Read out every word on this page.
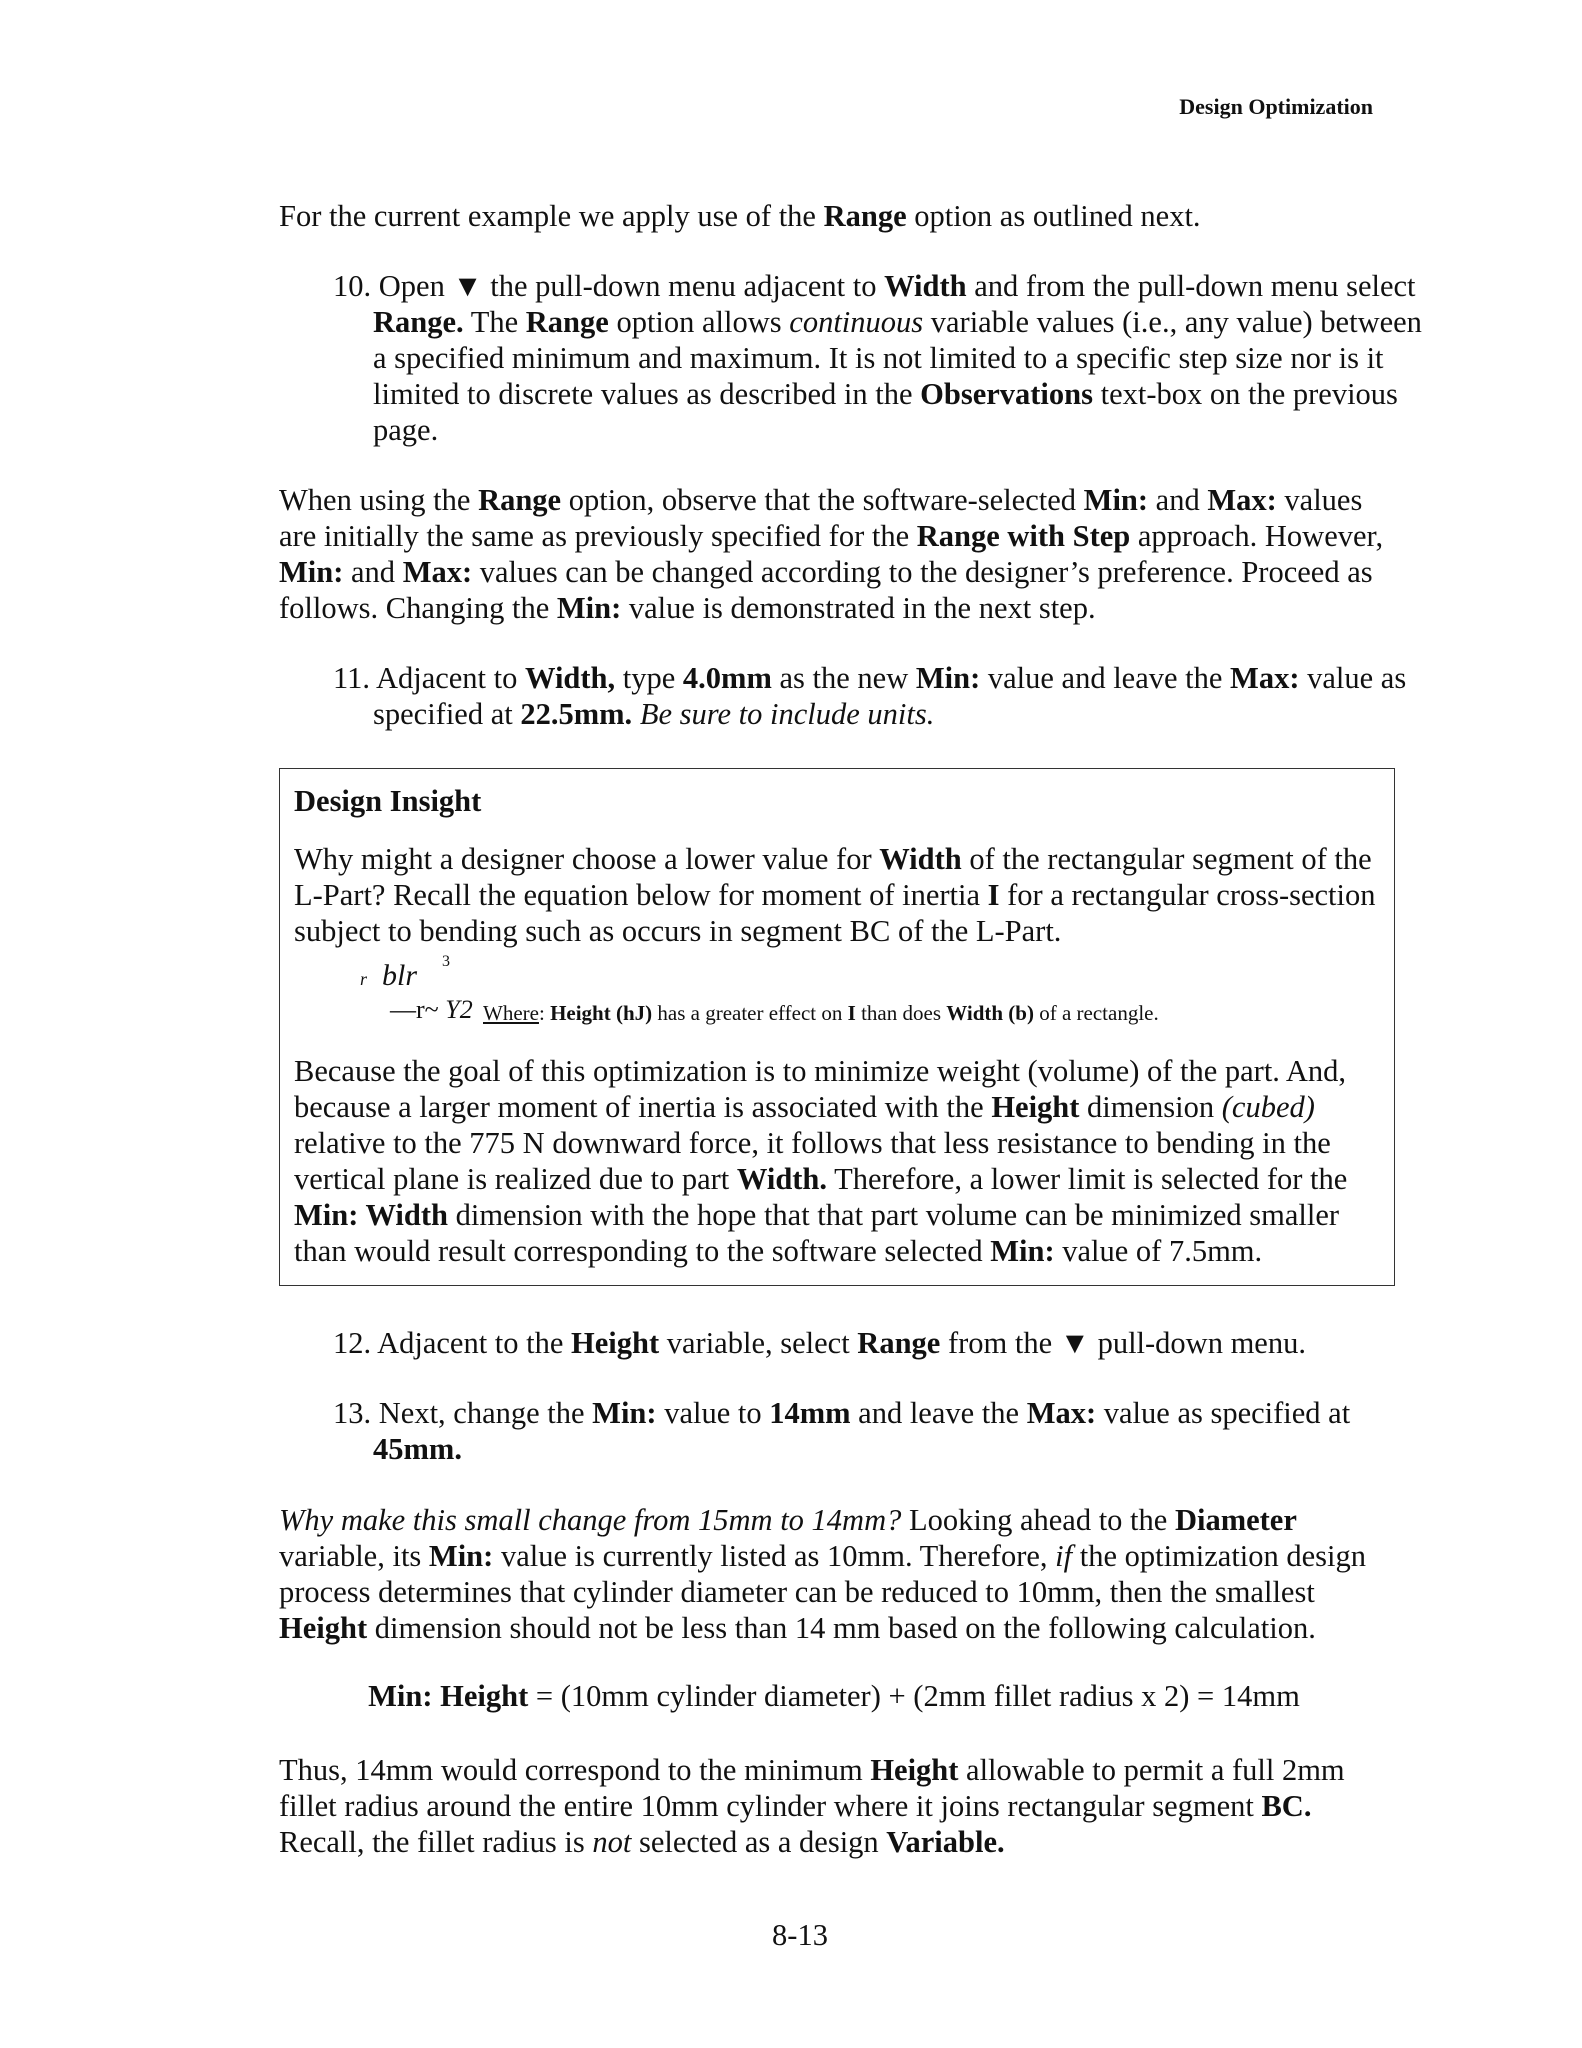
Design Optimization

For the current example we apply use of the Range option as outlined next.

10. Open ▼ the pull-down menu adjacent to Width and from the pull-down menu select Range. The Range option allows continuous variable values (i.e., any value) between a specified minimum and maximum. It is not limited to a specific step size nor is it limited to discrete values as described in the Observations text-box on the previous page.

When using the Range option, observe that the software-selected Min: and Max: values are initially the same as previously specified for the Range with Step approach. However, Min: and Max: values can be changed according to the designer’s preference. Proceed as follows. Changing the Min: value is demonstrated in the next step.

11. Adjacent to Width, type 4.0mm as the new Min: value and leave the Max: value as specified at 22.5mm. Be sure to include units.

Design Insight

Why might a designer choose a lower value for Width of the rectangular segment of the L-Part? Recall the equation below for moment of inertia I for a rectangular cross-section subject to bending such as occurs in segment BC of the L-Part.

r blr 3
—r~ Y2 Where: Height (hJ) has a greater effect on I than does Width (b) of a rectangle.

Because the goal of this optimization is to minimize weight (volume) of the part. And, because a larger moment of inertia is associated with the Height dimension (cubed) relative to the 775 N downward force, it follows that less resistance to bending in the vertical plane is realized due to part Width. Therefore, a lower limit is selected for the Min: Width dimension with the hope that that part volume can be minimized smaller than would result corresponding to the software selected Min: value of 7.5mm.

12. Adjacent to the Height variable, select Range from the ▼ pull-down menu.

13. Next, change the Min: value to 14mm and leave the Max: value as specified at 45mm.

Why make this small change from 15mm to 14mm? Looking ahead to the Diameter variable, its Min: value is currently listed as 10mm. Therefore, if the optimization design process determines that cylinder diameter can be reduced to 10mm, then the smallest Height dimension should not be less than 14 mm based on the following calculation.

Min: Height = (10mm cylinder diameter) + (2mm fillet radius x 2) = 14mm

Thus, 14mm would correspond to the minimum Height allowable to permit a full 2mm fillet radius around the entire 10mm cylinder where it joins rectangular segment BC. Recall, the fillet radius is not selected as a design Variable.

8-13
